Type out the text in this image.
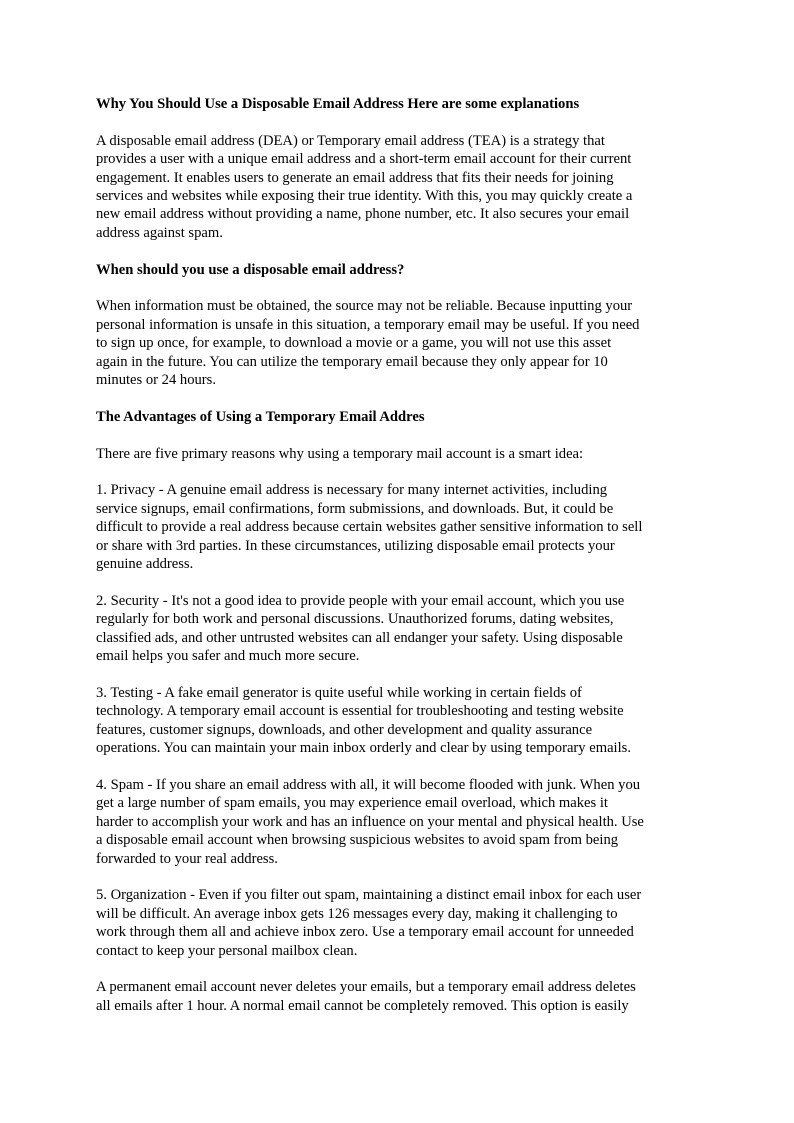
Why You Should Use a Disposable Email Address Here are some explanations
A disposable email address (DEA) or Temporary email address (TEA) is a strategy that
provides a user with a unique email address and a short-term email account for their current
engagement. It enables users to generate an email address that fits their needs for joining
services and websites while exposing their true identity. With this, you may quickly create a
new email address without providing a name, phone number, etc. It also secures your email
address against spam.
When should you use a disposable email address?
When information must be obtained, the source may not be reliable. Because inputting your
personal information is unsafe in this situation, a temporary email may be useful. If you need
to sign up once, for example, to download a movie or a game, you will not use this asset
again in the future. You can utilize the temporary email because they only appear for 10
minutes or 24 hours.
The Advantages of Using a Temporary Email Addres
There are five primary reasons why using a temporary mail account is a smart idea:
1. Privacy - A genuine email address is necessary for many internet activities, including
service signups, email confirmations, form submissions, and downloads. But, it could be
difficult to provide a real address because certain websites gather sensitive information to sell
or share with 3rd parties. In these circumstances, utilizing disposable email protects your
genuine address.
2. Security - It's not a good idea to provide people with your email account, which you use
regularly for both work and personal discussions. Unauthorized forums, dating websites,
classified ads, and other untrusted websites can all endanger your safety. Using disposable
email helps you safer and much more secure.
3. Testing - A fake email generator is quite useful while working in certain fields of
technology. A temporary email account is essential for troubleshooting and testing website
features, customer signups, downloads, and other development and quality assurance
operations. You can maintain your main inbox orderly and clear by using temporary emails.
4. Spam - If you share an email address with all, it will become flooded with junk. When you
get a large number of spam emails, you may experience email overload, which makes it
harder to accomplish your work and has an influence on your mental and physical health. Use
a disposable email account when browsing suspicious websites to avoid spam from being
forwarded to your real address.
5. Organization - Even if you filter out spam, maintaining a distinct email inbox for each user
will be difficult. An average inbox gets 126 messages every day, making it challenging to
work through them all and achieve inbox zero. Use a temporary email account for unneeded
contact to keep your personal mailbox clean.
A permanent email account never deletes your emails, but a temporary email address deletes
all emails after 1 hour. A normal email cannot be completely removed. This option is easily
